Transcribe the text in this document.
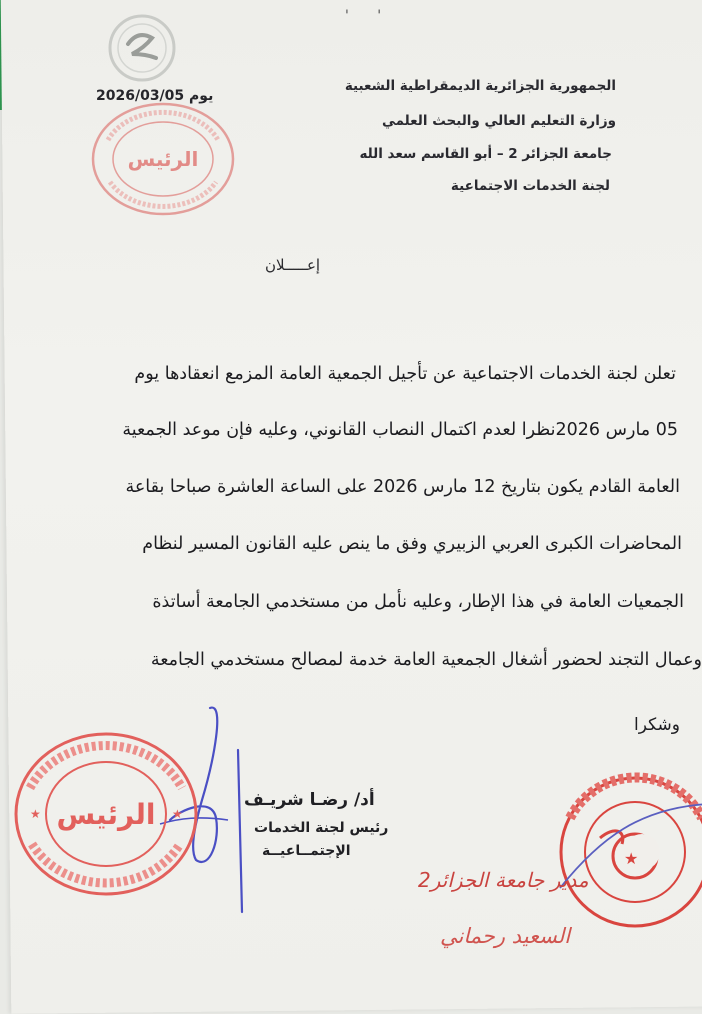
' '
الجمهورية الجزائرية الديمقراطية الشعبية
وزارة التعليم العالي والبحث العلمي
جامعة الجزائر 2 – أبو القاسم سعد الله
لجنة الخدمات الاجتماعية
2026/03/05 يوم
الرئيس
إعـــــلان
تعلن لجنة الخدمات الاجتماعية عن تأجيل الجمعية العامة المزمع انعقادها يوم
05 مارس 2026نظرا لعدم اكتمال النصاب القانوني، وعليه فإن موعد الجمعية
العامة القادم يكون بتاريخ 12 مارس 2026 على الساعة العاشرة صباحا بقاعة
المحاضرات الكبرى العربي الزبيري وفق ما ينص عليه القانون المسير لنظام
الجمعيات العامة في هذا الإطار، وعليه نأمل من مستخدمي الجامعة أساتذة
وعمال التجند لحضور أشغال الجمعية العامة خدمة لمصالح مستخدمي الجامعة
وشكرا
أد/ رضـا شريـف
رئيس لجنة الخدمات
الإجتمــاعيــة
الرئيس
★	★
★
مدير جامعة الجزائر2
السعيد رحماني
